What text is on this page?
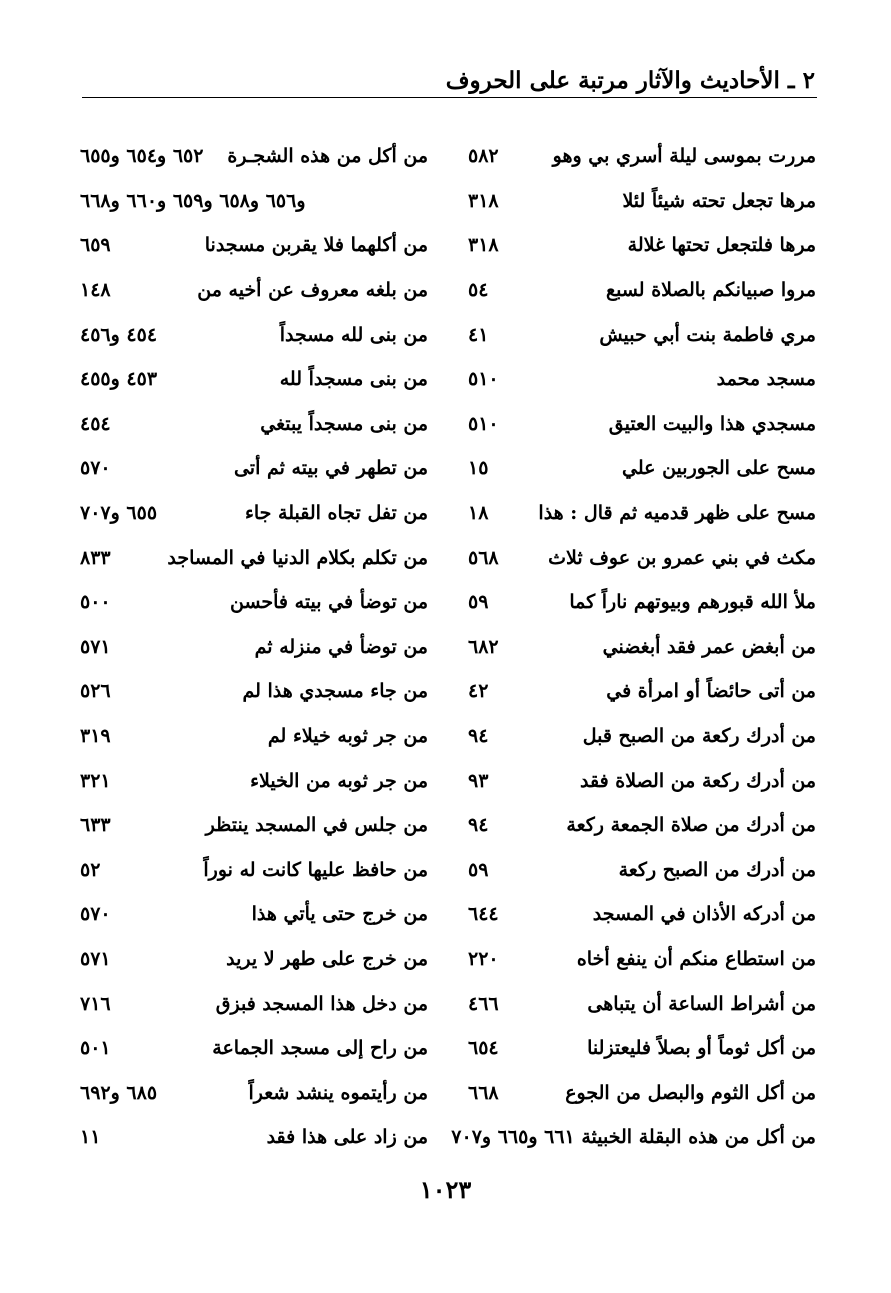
٢ ـ الأحاديث والآثار مرتبة على الحروف
مررت بموسى ليلة أسري بي وهو
٥٨٢
مرها تجعل تحته شيئاً لئلا
٣١٨
مرها فلتجعل تحتها غلالة
٣١٨
مروا صبيانكم بالصلاة لسبع
٥٤
مري فاطمة بنت أبي حبيش
٤١
مسجد محمد
٥١٠
مسجدي هذا والبيت العتيق
٥١٠
مسح على الجوربين علي
١٥
مسح على ظهر قدميه ثم قال : هذا
١٨
مكث في بني عمرو بن عوف ثلاث
٥٦٨
ملأ الله قبورهم وبيوتهم ناراً كما
٥٩
من أبغض عمر فقد أبغضني
٦٨٢
من أتى حائضاً أو امرأة في
٤٢
من أدرك ركعة من الصبح قبل
٩٤
من أدرك ركعة من الصلاة فقد
٩٣
من أدرك من صلاة الجمعة ركعة
٩٤
من أدرك من الصبح ركعة
٥٩
من أدركه الأذان في المسجد
٦٤٤
من استطاع منكم أن ينفع أخاه
٢٢٠
من أشراط الساعة أن يتباهى
٤٦٦
من أكل ثوماً أو بصلاً فليعتزلنا
٦٥٤
من أكل الثوم والبصل من الجوع
٦٦٨
من أكل من هذه البقلة الخبيثة ٦٦١ و٦٦٥ و٧٠٧
من أكل من هذه الشجـرة
٦٥٢ و٦٥٤ و٦٥٥
و٦٥٦ و٦٥٨ و٦٥٩ و٦٦٠ و٦٦٨
من أكلهما فلا يقربن مسجدنا
٦٥٩
من بلغه معروف عن أخيه من
١٤٨
من بنى لله مسجداً
٤٥٤ و٤٥٦
من بنى مسجداً لله
٤٥٣ و٤٥٥
من بنى مسجداً يبتغي
٤٥٤
من تطهر في بيته ثم أتى
٥٧٠
من تفل تجاه القبلة جاء
٦٥٥ و٧٠٧
من تكلم بكلام الدنيا في المساجد
٨٣٣
من توضأ في بيته فأحسن
٥٠٠
من توضأ في منزله ثم
٥٧١
من جاء مسجدي هذا لم
٥٢٦
من جر ثوبه خيلاء لم
٣١٩
من جر ثوبه من الخيلاء
٣٢١
من جلس في المسجد ينتظر
٦٣٣
من حافظ عليها كانت له نوراً
٥٢
من خرج حتى يأتي هذا
٥٧٠
من خرج على طهر لا يريد
٥٧١
من دخل هذا المسجد فبزق
٧١٦
من راح إلى مسجد الجماعة
٥٠١
من رأيتموه ينشد شعراً
٦٨٥ و٦٩٢
من زاد على هذا فقد
١١
١٠٢٣
